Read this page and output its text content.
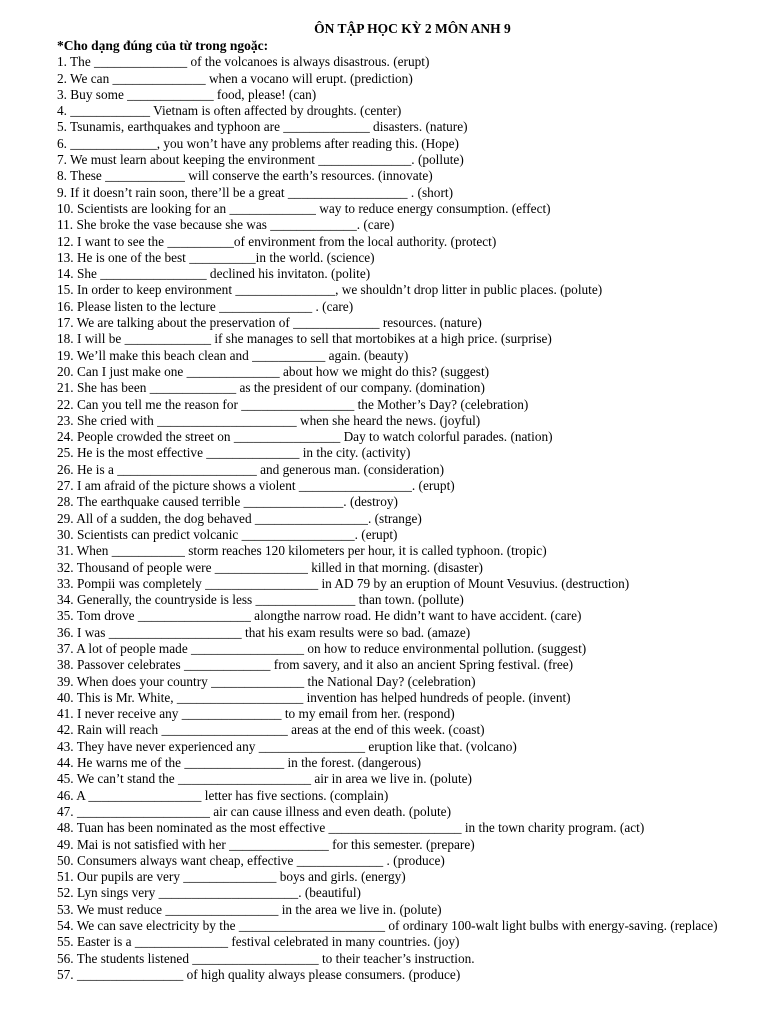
ÔN TẬP HỌC KỲ 2 MÔN ANH 9
*Cho dạng đúng của từ trong ngoặc:
1. The ______________ of the volcanoes is always disastrous. (erupt)
2. We can ______________ when a vocano will erupt. (prediction)
3. Buy some _____________ food, please! (can)
4. ____________ Vietnam is often affected by droughts. (center)
5. Tsunamis, earthquakes and typhoon are _____________ disasters. (nature)
6. _____________, you won’t have any problems after reading this. (Hope)
7. We must learn about keeping the environment ______________. (pollute)
8. These ____________ will conserve the earth’s resources. (innovate)
9. If it doesn’t rain soon, there’ll be a great __________________ . (short)
10. Scientists are looking for an _____________ way to reduce energy consumption. (effect)
11. She broke the vase because she was _____________. (care)
12. I want to see the __________of environment from the local authority. (protect)
13. He is one of the best __________in the world. (science)
14. She ________________ declined his invitaton. (polite)
15. In order to keep environment _______________, we shouldn’t drop litter in public places. (polute)
16. Please listen to the lecture ______________ . (care)
17. We are talking about the preservation of _____________ resources. (nature)
18. I will be _____________ if she manages to sell that mortobikes at a high price. (surprise)
19. We’ll make this beach clean and ___________ again. (beauty)
20. Can I just make one ______________ about how we might do this? (suggest)
21. She has been _____________ as the president of our company. (domination)
22. Can you tell me the reason for _________________ the Mother’s Day? (celebration)
23. She cried with _____________________ when she heard the news. (joyful)
24. People crowded the street on ________________ Day to watch colorful parades. (nation)
25. He is the most effective ______________ in the city. (activity)
26. He is a _____________________ and generous man. (consideration)
27. I am afraid of the picture shows a violent _________________. (erupt)
28. The earthquake caused terrible _______________. (destroy)
29. All of a sudden, the dog behaved _________________. (strange)
30. Scientists can predict volcanic _________________. (erupt)
31. When ___________ storm reaches 120 kilometers per hour, it is called typhoon. (tropic)
32. Thousand of people were ______________ killed in that morning. (disaster)
33. Pompii was completely _________________ in AD 79 by an eruption of Mount Vesuvius. (destruction)
34. Generally, the countryside is less _______________ than town. (pollute)
35. Tom drove _________________ alongthe narrow road. He didn’t want to have accident. (care)
36. I was ____________________ that his exam results were so bad. (amaze)
37. A lot of people made _________________ on how to reduce environmental pollution. (suggest)
38. Passover celebrates _____________ from savery, and it also an ancient Spring festival. (free)
39. When does your country ______________ the National Day? (celebration)
40. This is Mr. White, ___________________ invention has helped hundreds of people. (invent)
41. I never receive any _______________ to my email from her. (respond)
42. Rain will reach ___________________ areas at the end of this week. (coast)
43. They have never experienced any ________________ eruption like that. (volcano)
44. He warns me of the _______________ in the forest. (dangerous)
45. We can’t stand the ____________________ air in area we live in. (polute)
46. A _________________ letter has five sections. (complain)
47. ____________________ air can cause illness and even death. (polute)
48. Tuan has been nominated as the most effective ____________________ in the town charity program. (act)
49. Mai is not satisfied with her _______________ for this semester. (prepare)
50. Consumers always want cheap, effective _____________ . (produce)
51. Our pupils are very ______________ boys and girls. (energy)
52. Lyn sings very _____________________. (beautiful)
53. We must reduce _________________ in the area we live in. (polute)
54. We can save electricity by the ______________________ of ordinary 100-walt light bulbs with energy-saving. (replace)
55. Easter is a ______________ festival celebrated in many countries. (joy)
56. The students listened ___________________ to their teacher’s instruction.
57. ________________ of high quality always please consumers. (produce)
